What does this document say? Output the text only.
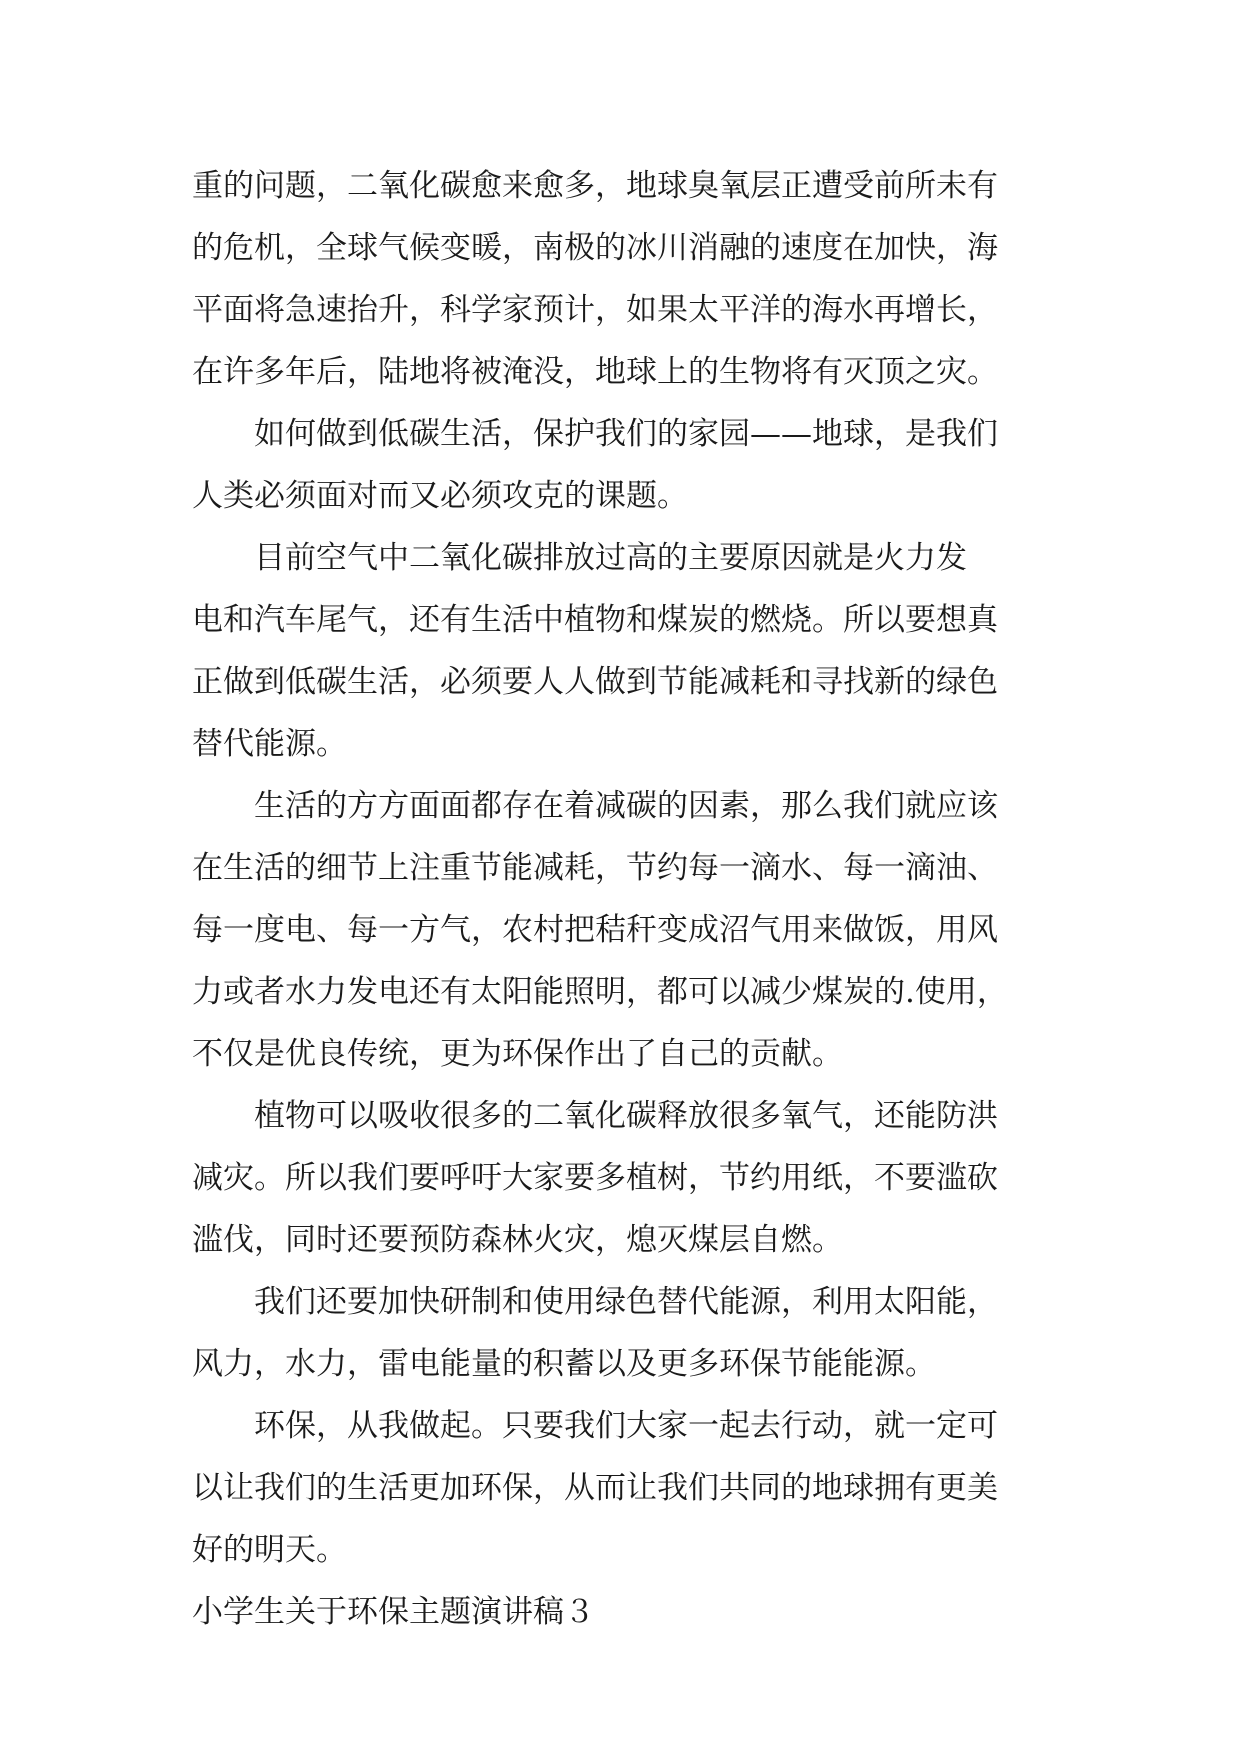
重的问题，二氧化碳愈来愈多，地球臭氧层正遭受前所未有
的危机，全球气候变暖，南极的冰川消融的速度在加快，海
平面将急速抬升，科学家预计，如果太平洋的海水再增长，
在许多年后，陆地将被淹没，地球上的生物将有灭顶之灾。
如何做到低碳生活，保护我们的家园——地球，是我们
人类必须面对而又必须攻克的课题。
目前空气中二氧化碳排放过高的主要原因就是火力发
电和汽车尾气，还有生活中植物和煤炭的燃烧。所以要想真
正做到低碳生活，必须要人人做到节能减耗和寻找新的绿色
替代能源。
生活的方方面面都存在着减碳的因素，那么我们就应该
在生活的细节上注重节能减耗，节约每一滴水、每一滴油、
每一度电、每一方气，农村把秸秆变成沼气用来做饭，用风
力或者水力发电还有太阳能照明，都可以减少煤炭的.使用，
不仅是优良传统，更为环保作出了自己的贡献。
植物可以吸收很多的二氧化碳释放很多氧气，还能防洪
减灾。所以我们要呼吁大家要多植树，节约用纸，不要滥砍
滥伐，同时还要预防森林火灾，熄灭煤层自燃。
我们还要加快研制和使用绿色替代能源，利用太阳能，
风力，水力，雷电能量的积蓄以及更多环保节能能源。
环保，从我做起。只要我们大家一起去行动，就一定可
以让我们的生活更加环保，从而让我们共同的地球拥有更美
好的明天。
小学生关于环保主题演讲稿３
